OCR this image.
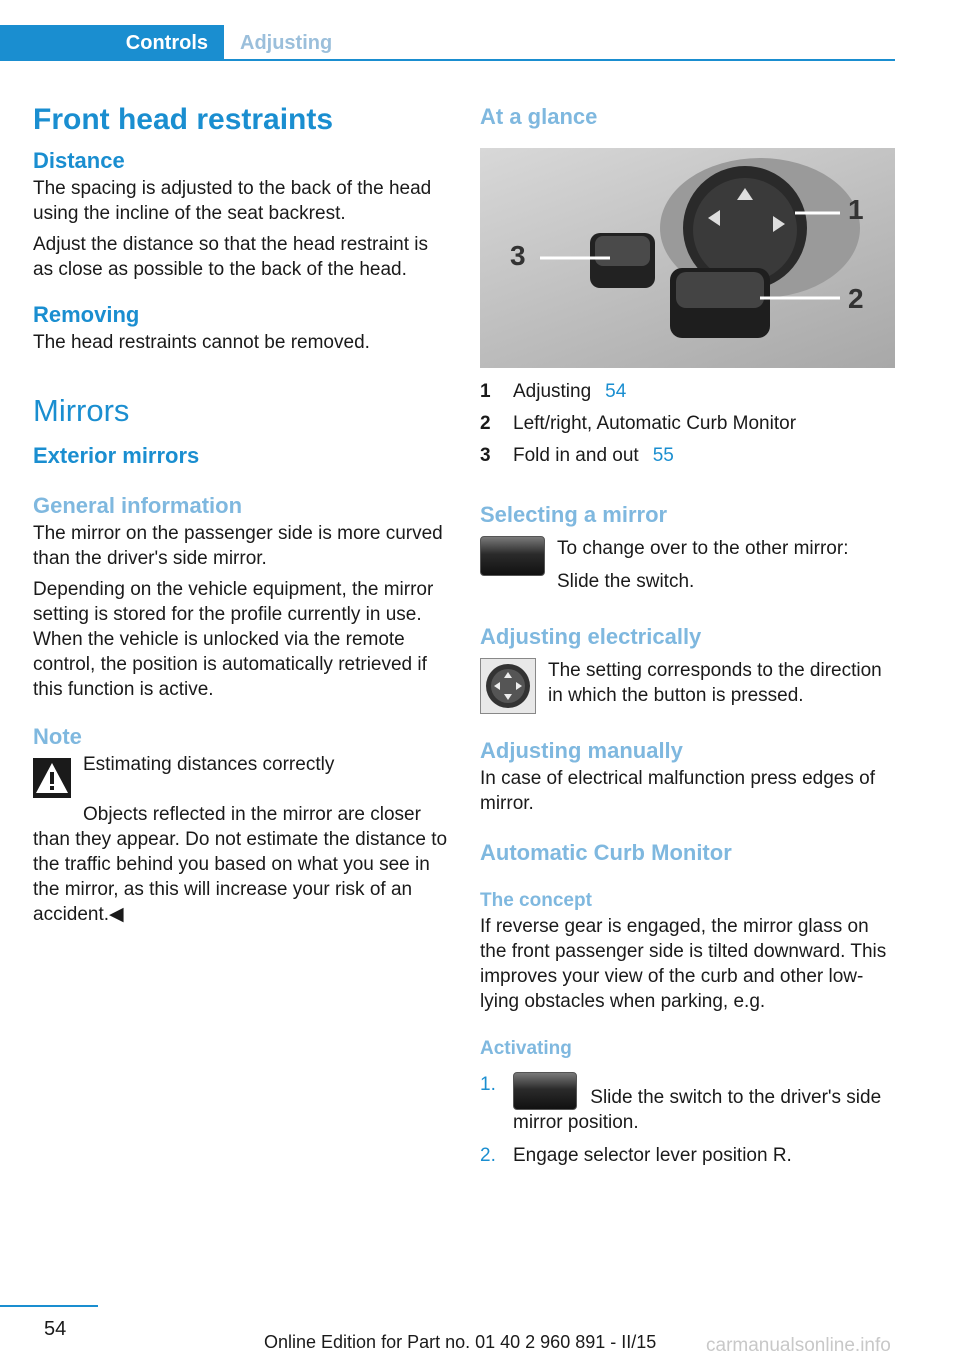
Controls	Adjusting
Front head restraints
Distance

The spacing is adjusted to the back of the head using the incline of the seat backrest.

Adjust the distance so that the head restraint is as close as possible to the back of the head.

Removing

The head restraints cannot be removed.

Mirrors
Exterior mirrors
General information

The mirror on the passenger side is more curved than the driver's side mirror.

Depending on the vehicle equipment, the mirror setting is stored for the profile currently in use. When the vehicle is unlocked via the remote control, the position is automatically retrieved if this function is active.

Note

Estimating distances correctly

Objects reflected in the mirror are closer than they appear. Do not estimate the distance to the traffic behind you based on what you see in the mirror, as this will increase your risk of an accident.◀

At a glance
1
2
3
1	Adjusting 54
2	Left/right, Automatic Curb Monitor
3	Fold in and out 55
Selecting a mirror

To change over to the other mirror:

Slide the switch.

Adjusting electrically

The setting corresponds to the direction in which the button is pressed.

Adjusting manually

In case of electrical malfunction press edges of mirror.

Automatic Curb Monitor
The concept

If reverse gear is engaged, the mirror glass on the front passenger side is tilted downward. This improves your view of the curb and other low-lying obstacles when parking, e.g.

Activating
1.
Slide the switch to the driver's side mirror position.
2. Engage selector lever position R.
54
Online Edition for Part no. 01 40 2 960 891 - II/15	carmanualsonline.info
